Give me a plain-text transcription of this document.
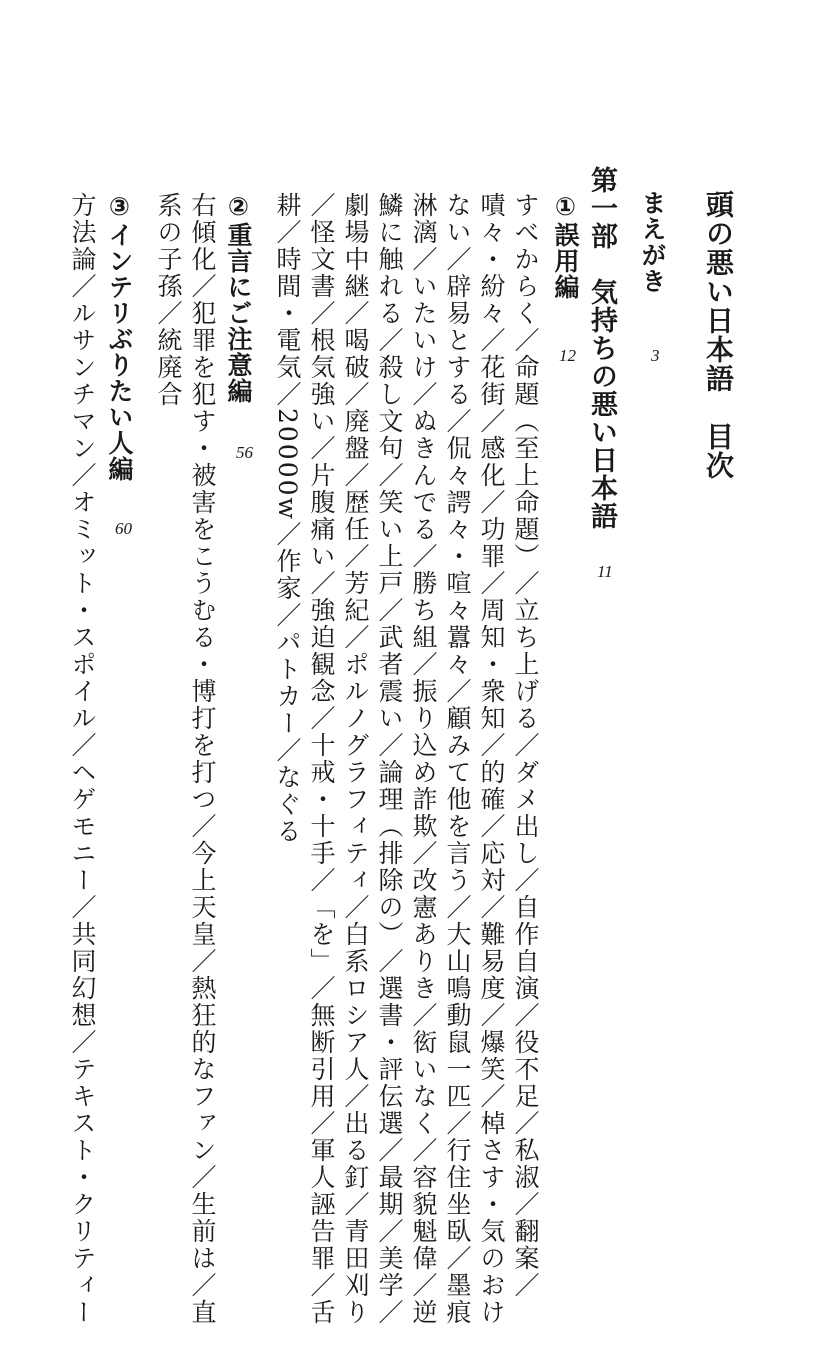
頭の悪い日本語　目次
まえがき
3
第一部　気持ちの悪い日本語
11
①誤用編
12
すべからく／命題（至上命題）／立ち上げる／ダメ出し／自作自演／役不足／私淑／翻案／
嘖々・紛々／花街／感化／功罪／周知・衆知／的確／応対／難易度／爆笑／棹さす・気のおけ
ない／辟易とする／侃々諤々・喧々囂々／顧みて他を言う／大山鳴動鼠一匹／行住坐臥／墨痕
淋漓／いたいけ／ぬきんでる／勝ち組／振り込め詐欺／改憲ありき／衒いなく／容貌魁偉／逆
鱗に触れる／殺し文句／笑い上戸／武者震い／論理（排除の）／選書・評伝選／最期／美学／
劇場中継／喝破／廃盤／歴任／芳紀／ポルノグラフィティ／白系ロシア人／出る釘／青田刈り
／怪文書／根気強い／片腹痛い／強迫観念／十戒・十手／「を」／無断引用／軍人誣告罪／舌
耕／時間・電気／20000w／作家／パトカー／なぐる
②重言にご注意編
56
右傾化／犯罪を犯す・被害をこうむる・博打を打つ／今上天皇／熱狂的なファン／生前は／直
系の子孫／統廃合
③インテリぶりたい人編
60
方法論／ルサンチマン／オミット・スポイル／ヘゲモニー／共同幻想／テキスト・クリティー
